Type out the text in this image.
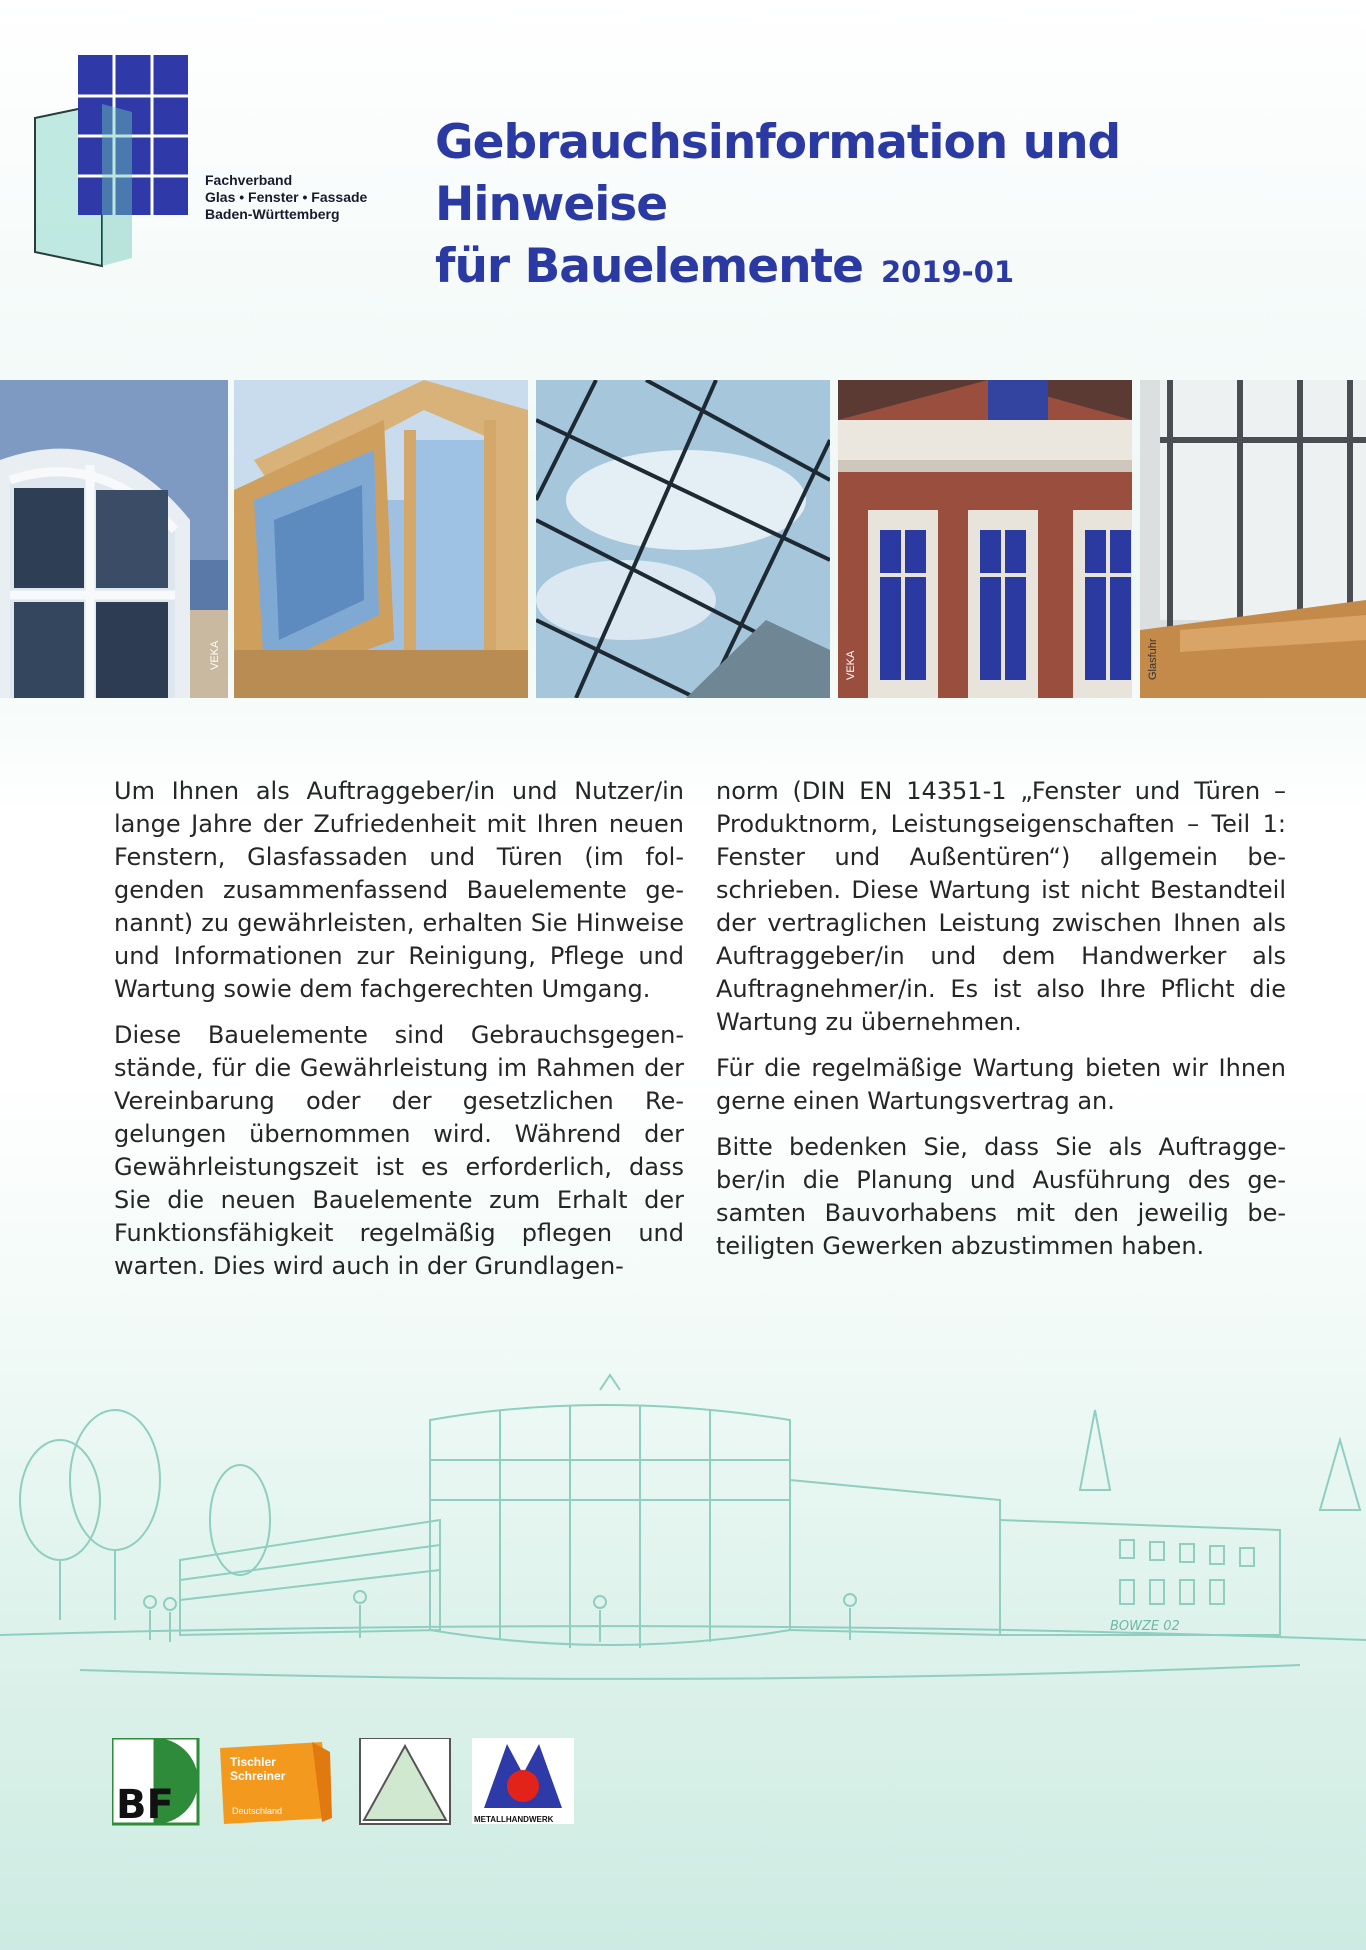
Fachverband
Glas • Fenster • Fassade
Baden-Württemberg
Gebrauchsinformation und Hinweise
für Bauelemente 2019-01
VEKA	VEKA	Glasfuhr

Um Ihnen als Auftraggeber/in und Nutzer/in lange Jahre der Zufriedenheit mit Ihren neuen Fenstern, Glasfassaden und Türen (im folgenden zusammenfassend Bauelemente genannt) zu gewährleisten, erhalten Sie Hinweise und Informationen zur Reinigung, Pflege und Wartung sowie dem fachgerechten Umgang.

Diese Bauelemente sind Gebrauchsgegenstände, für die Gewährleistung im Rahmen der Vereinbarung oder der gesetzlichen Regelungen übernommen wird. Während der Gewährleistungszeit ist es erforderlich, dass Sie die neuen Bauelemente zum Erhalt der Funktionsfähigkeit regelmäßig pflegen und warten. Dies wird auch in der Grundlagen-

norm (DIN EN 14351-1 „Fenster und Türen – Produktnorm, Leistungseigenschaften – Teil 1: Fenster und Außentüren“) allgemein beschrieben. Diese Wartung ist nicht Bestandteil der vertraglichen Leistung zwischen Ihnen als Auftraggeber/in und dem Handwerker als Auftragnehmer/in. Es ist also Ihre Pflicht die Wartung zu übernehmen.

Für die regelmäßige Wartung bieten wir Ihnen gerne einen Wartungsvertrag an.

Bitte bedenken Sie, dass Sie als Auftraggeber/in die Planung und Ausführung des gesamten Bauvorhabens mit den jeweilig beteiligten Gewerken abzustimmen haben.

BOWZE 02
BF
Tischler
Schreiner
Deutschland
METALLHANDWERK
